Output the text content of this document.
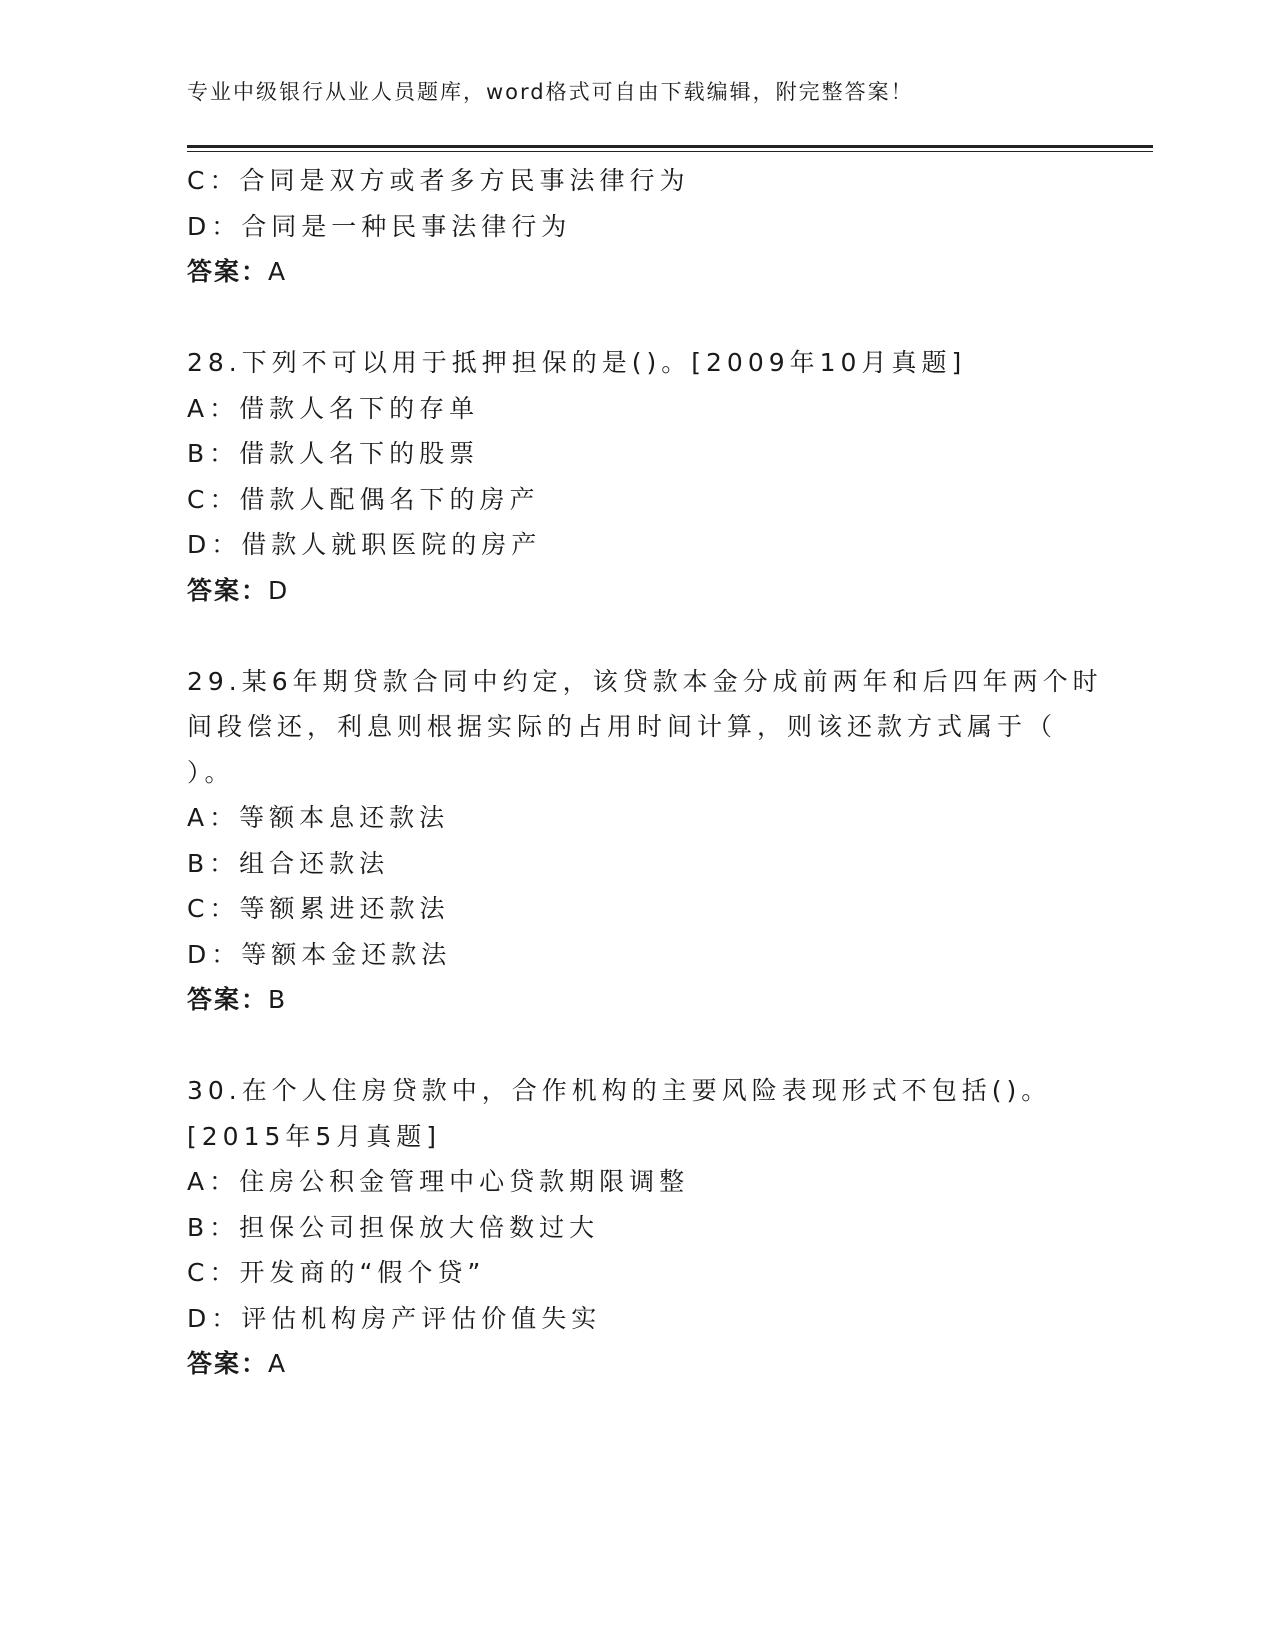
专业中级银行从业人员题库，word格式可自由下载编辑，附完整答案！
C：合同是双方或者多方民事法律行为
D：合同是一种民事法律行为
答案：A
28.下列不可以用于抵押担保的是()。[2009年10月真题]
A：借款人名下的存单
B：借款人名下的股票
C：借款人配偶名下的房产
D：借款人就职医院的房产
答案：D
29.某6年期贷款合同中约定，该贷款本金分成前两年和后四年两个时
间段偿还，利息则根据实际的占用时间计算，则该还款方式属于（
）。
A：等额本息还款法
B：组合还款法
C：等额累进还款法
D：等额本金还款法
答案：B
30.在个人住房贷款中，合作机构的主要风险表现形式不包括()。
[2015年5月真题]
A：住房公积金管理中心贷款期限调整
B：担保公司担保放大倍数过大
C：开发商的“假个贷”
D：评估机构房产评估价值失实
答案：A
